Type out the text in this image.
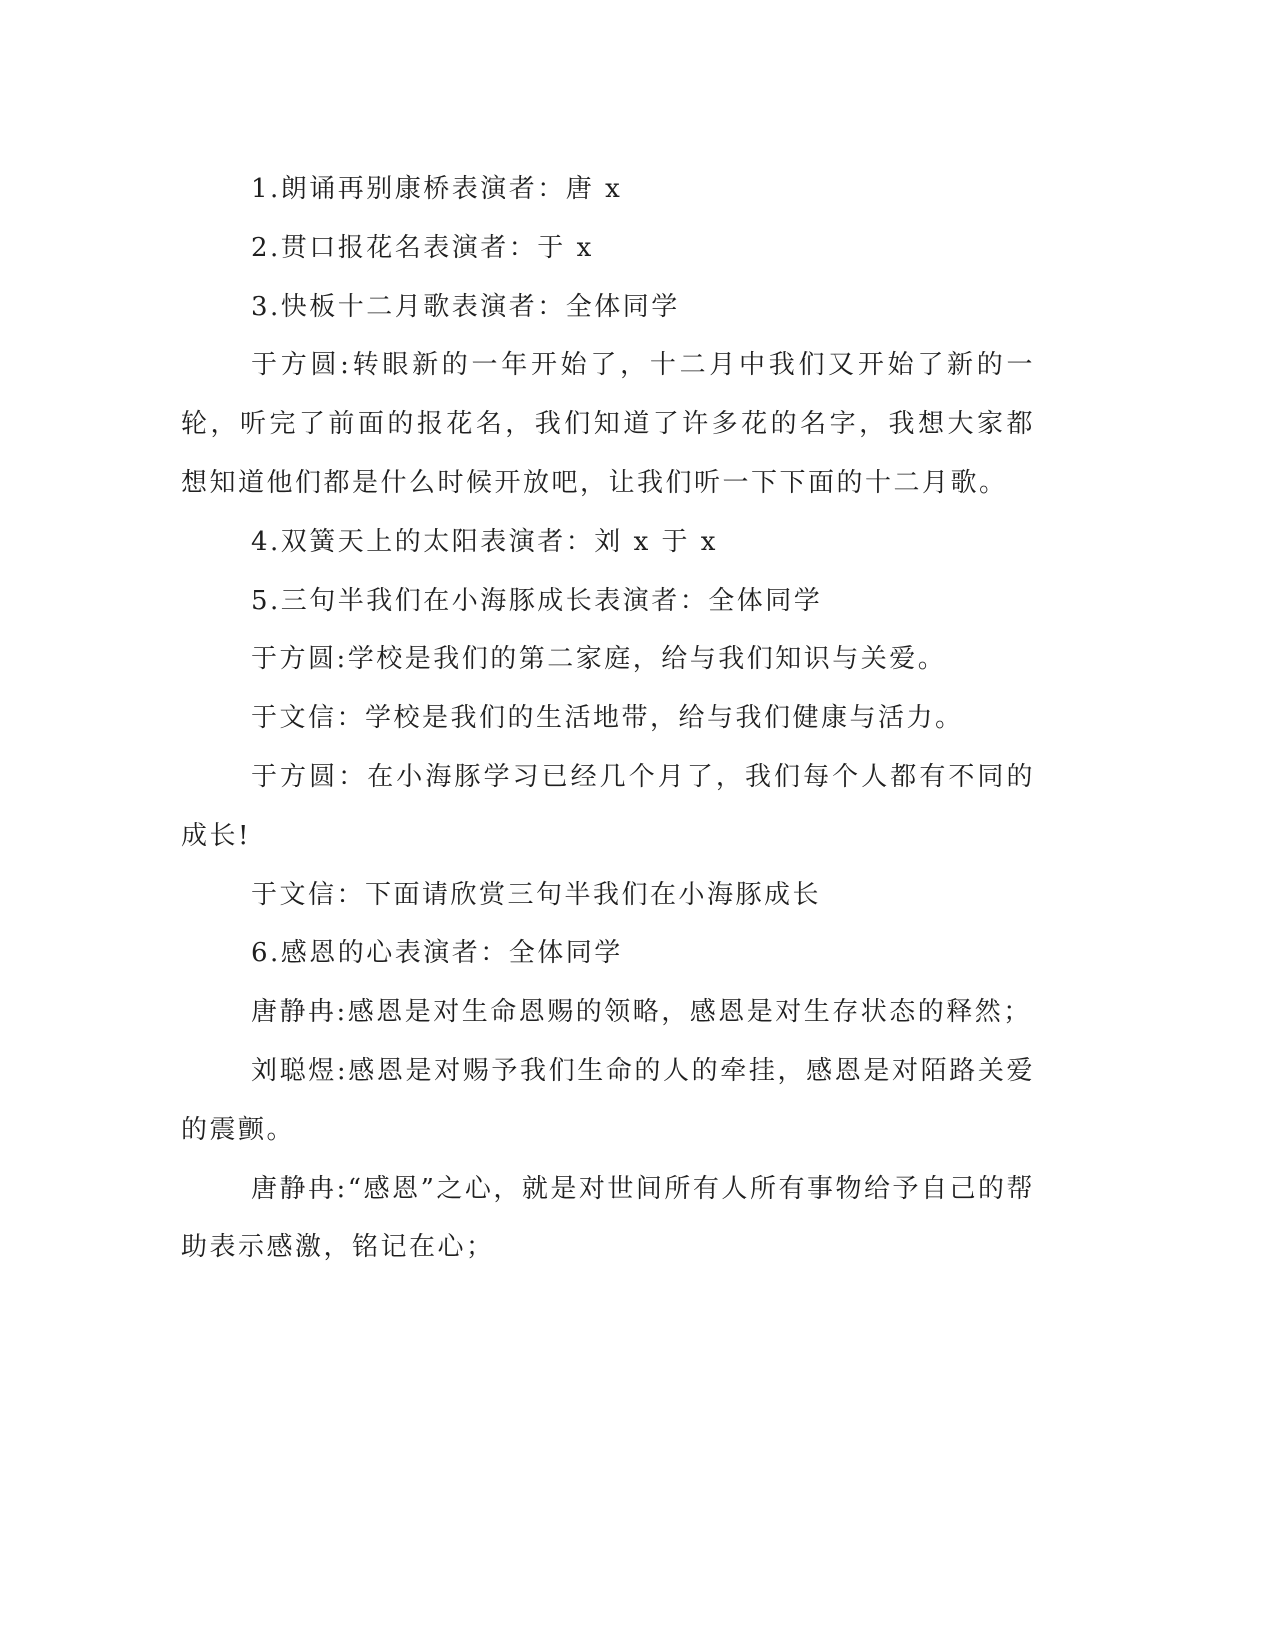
1.朗诵再别康桥表演者：唐 x

2.贯口报花名表演者：于 x

3.快板十二月歌表演者：全体同学

于方圆:转眼新的一年开始了，十二月中我们又开始了新的一轮，听完了前面的报花名，我们知道了许多花的名字，我想大家都想知道他们都是什么时候开放吧，让我们听一下下面的十二月歌。

4.双簧天上的太阳表演者：刘 x 于 x

5.三句半我们在小海豚成长表演者：全体同学

于方圆:学校是我们的第二家庭，给与我们知识与关爱。

于文信：学校是我们的生活地带，给与我们健康与活力。

于方圆：在小海豚学习已经几个月了，我们每个人都有不同的成长!

于文信：下面请欣赏三句半我们在小海豚成长

6.感恩的心表演者：全体同学

唐静冉:感恩是对生命恩赐的领略，感恩是对生存状态的释然；

刘聪煜:感恩是对赐予我们生命的人的牵挂，感恩是对陌路关爱的震颤。

唐静冉:“感恩”之心，就是对世间所有人所有事物给予自己的帮助表示感激，铭记在心；
